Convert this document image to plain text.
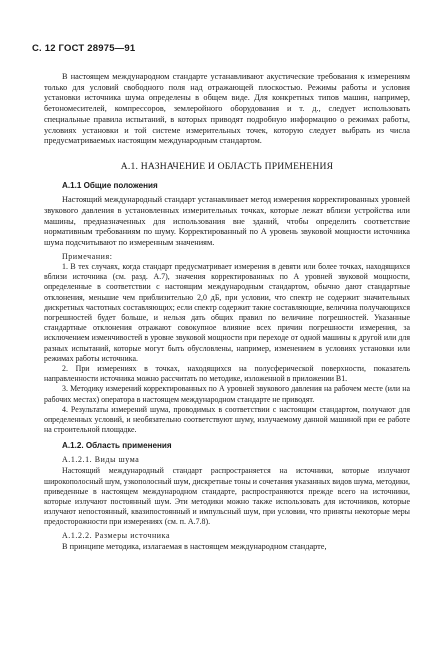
С. 12 ГОСТ 28975—91

В настоящем международном стандарте устанавливают акустические требования к измерениям только для условий свободного поля над отражающей плоскостью. Режимы работы и условия установки источника шума определены в общем виде. Для конкретных типов машин, например, бетономесителей, компрессоров, землеройного оборудования и т. д., следует использовать специальные правила испытаний, в которых приводят подробную информацию о режимах работы, условиях установки и той системе измерительных точек, которую следует выбрать из числа предусматриваемых настоящим международным стандартом.

А.1. НАЗНАЧЕНИЕ И ОБЛАСТЬ ПРИМЕНЕНИЯ

А.1.1 Общие положения

Настоящий международный стандарт устанавливает метод измерения корректированных уровней звукового давления в установленных измерительных точках, которые лежат вблизи устройства или машины, предназначенных для использования вне зданий, чтобы определить соответствие нормативным требованиям по шуму. Корректированный по А уровень звуковой мощности источника шума подсчитывают по измеренным значениям.

Примечания:

1. В тех случаях, когда стандарт предусматривает измерения в девяти или более точках, находящихся вблизи источника (см. разд. А.7), значения корректированных по А уровней звуковой мощности, определенные в соответствии с настоящим международным стандартом, обычно дают стандартные отклонения, меньшие чем приблизительно 2,0 дБ, при условии, что спектр не содержит значительных дискретных частотных составляющих; если спектр содержит такие составляющие, величина получающихся погрешностей будет больше, и нельзя дать общих правил по величине погрешностей. Указанные стандартные отклонения отражают совокупное влияние всех причин погрешности измерения, за исключением изменчивостей в уровне звуковой мощности при переходе от одной машины к другой или для разных испытаний, которые могут быть обусловлены, например, изменением в условиях установки или режимах работы источника.

2. При измерениях в точках, находящихся на полусферической поверхности, показатель направленности источника можно рассчитать по методике, изложенной в приложении В1.

3. Методику измерений корректированных по А уровней звукового давления на рабочем месте (или на рабочих местах) оператора в настоящем международном стандарте не приводят.

4. Результаты измерений шума, проводимых в соответствии с настоящим стандартом, получают для определенных условий, и необязательно соответствуют шуму, излучаемому данной машиной при ее работе на строительной площадке.

А.1.2. Область применения

А.1.2.1. Виды шума

Настоящий международный стандарт распространяется на источники, которые излучают широкополосный шум, узкополосный шум, дискретные тоны и сочетания указанных видов шума, методики, приведенные в настоящем международном стандарте, распространяются прежде всего на источники, которые излучают постоянный шум. Эти методики можно также использовать для источников, которые излучают непостоянный, квазипостоянный и импульсный шум, при условии, что приняты некоторые меры предосторожности при измерениях (см. п. А.7.8).

А.1.2.2. Размеры источника

В принципе методика, излагаемая в настоящем международном стандарте,
